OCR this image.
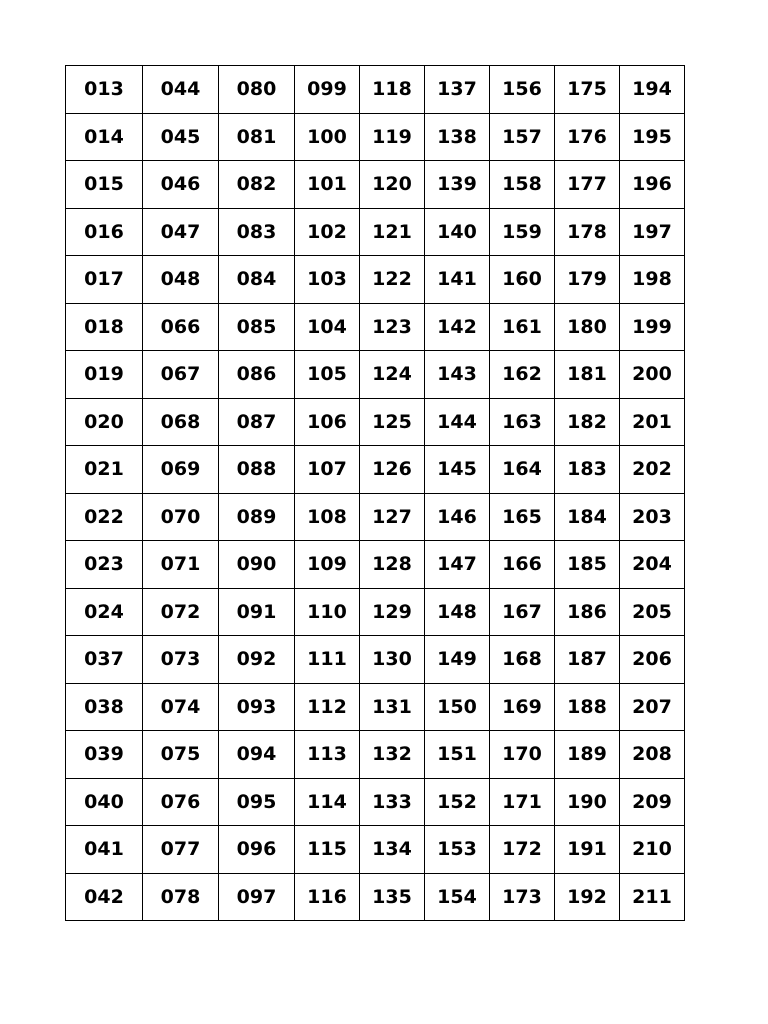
013	044	080	099	118	137	156	175	194
014	045	081	100	119	138	157	176	195
015	046	082	101	120	139	158	177	196
016	047	083	102	121	140	159	178	197
017	048	084	103	122	141	160	179	198
018	066	085	104	123	142	161	180	199
019	067	086	105	124	143	162	181	200
020	068	087	106	125	144	163	182	201
021	069	088	107	126	145	164	183	202
022	070	089	108	127	146	165	184	203
023	071	090	109	128	147	166	185	204
024	072	091	110	129	148	167	186	205
037	073	092	111	130	149	168	187	206
038	074	093	112	131	150	169	188	207
039	075	094	113	132	151	170	189	208
040	076	095	114	133	152	171	190	209
041	077	096	115	134	153	172	191	210
042	078	097	116	135	154	173	192	211
